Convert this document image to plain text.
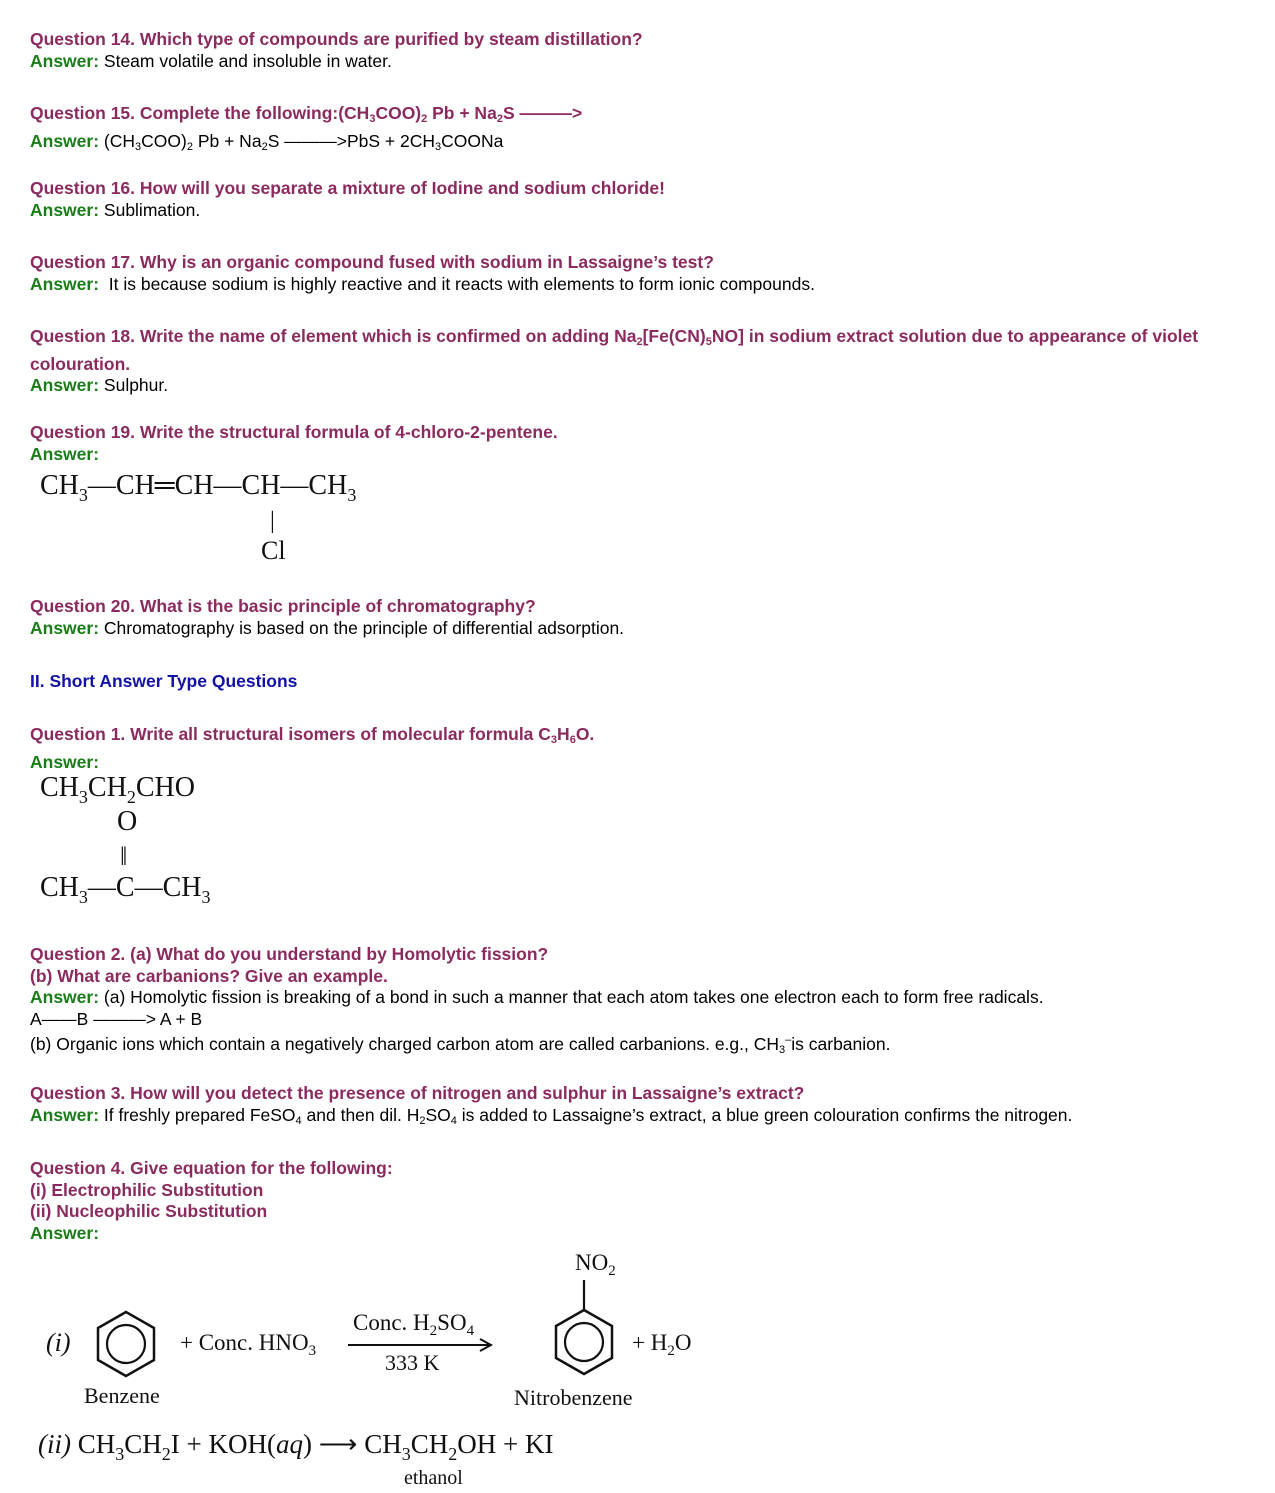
Question 14. Which type of compounds are purified by steam distillation?
Answer: Steam volatile and insoluble in water.
Question 15. Complete the $following:(CH_3COO)_2$ $Pb + Na_2S$ ———>
Answer: $(CH_3COO)_2$ $Pb + Na_2S$ ———>PbS + $2CH_3COONa$
Question 16. How will you separate a mixture of Iodine and sodium chloride!
Answer: Sublimation.
Question 17. Why is an organic compound fused with sodium in Lassaigne’s test?
Answer:  It is because sodium is highly reactive and it reacts with elements to form ionic compounds.
Question 18. Write the name of element which is confirmed on adding $Na_2[Fe(CN)_5NO]$ in sodium extract solution due to appearance of violet colouration.
Answer: Sulphur.
Question 19. Write the structural formula of 4-chloro-2-pentene.
Answer:
$CH_3—CH═CH—CH—CH_3$
|
Cl
Question 20. What is the basic principle of chromatography?
Answer: Chromatography is based on the principle of differential adsorption.
II. Short Answer Type Questions
Question 1. Write all structural isomers of molecular formula $C_3H_6O$.
Answer:
$CH_3CH_2CHO$
O
‖
$CH_3—C—CH_3$
Question 2. (a) What do you understand by Homolytic fission?
(b) What are carbanions? Give an example.
Answer: (a) Homolytic fission is breaking of a bond in such a manner that each atom takes one electron each to form free radicals.
A——B ———> A + B
(b) Organic ions which contain a negatively charged carbon atom are called carbanions. e.g., $CH_3^-is$ carbanion.
Question 3. How will you detect the presence of nitrogen and sulphur in Lassaigne’s extract?
Answer: If freshly prepared FeSO$_4$ and then dil. $H_2SO_4$ is added to Lassaigne’s extract, a blue green colouration confirms the nitrogen.
Question 4. Give equation for the following:
(i) Electrophilic Substitution
(ii) Nucleophilic Substitution
Answer:
(i)
Benzene
+ Conc. $HNO_3$
Conc. $H_2SO_4$
333 K
$NO_2$
+ $H_2O$
Nitrobenzene
(ii) $CH_3CH_2I + KOH(aq)$ ⟶ $CH_3CH_2OH$ + KI
ethanol
